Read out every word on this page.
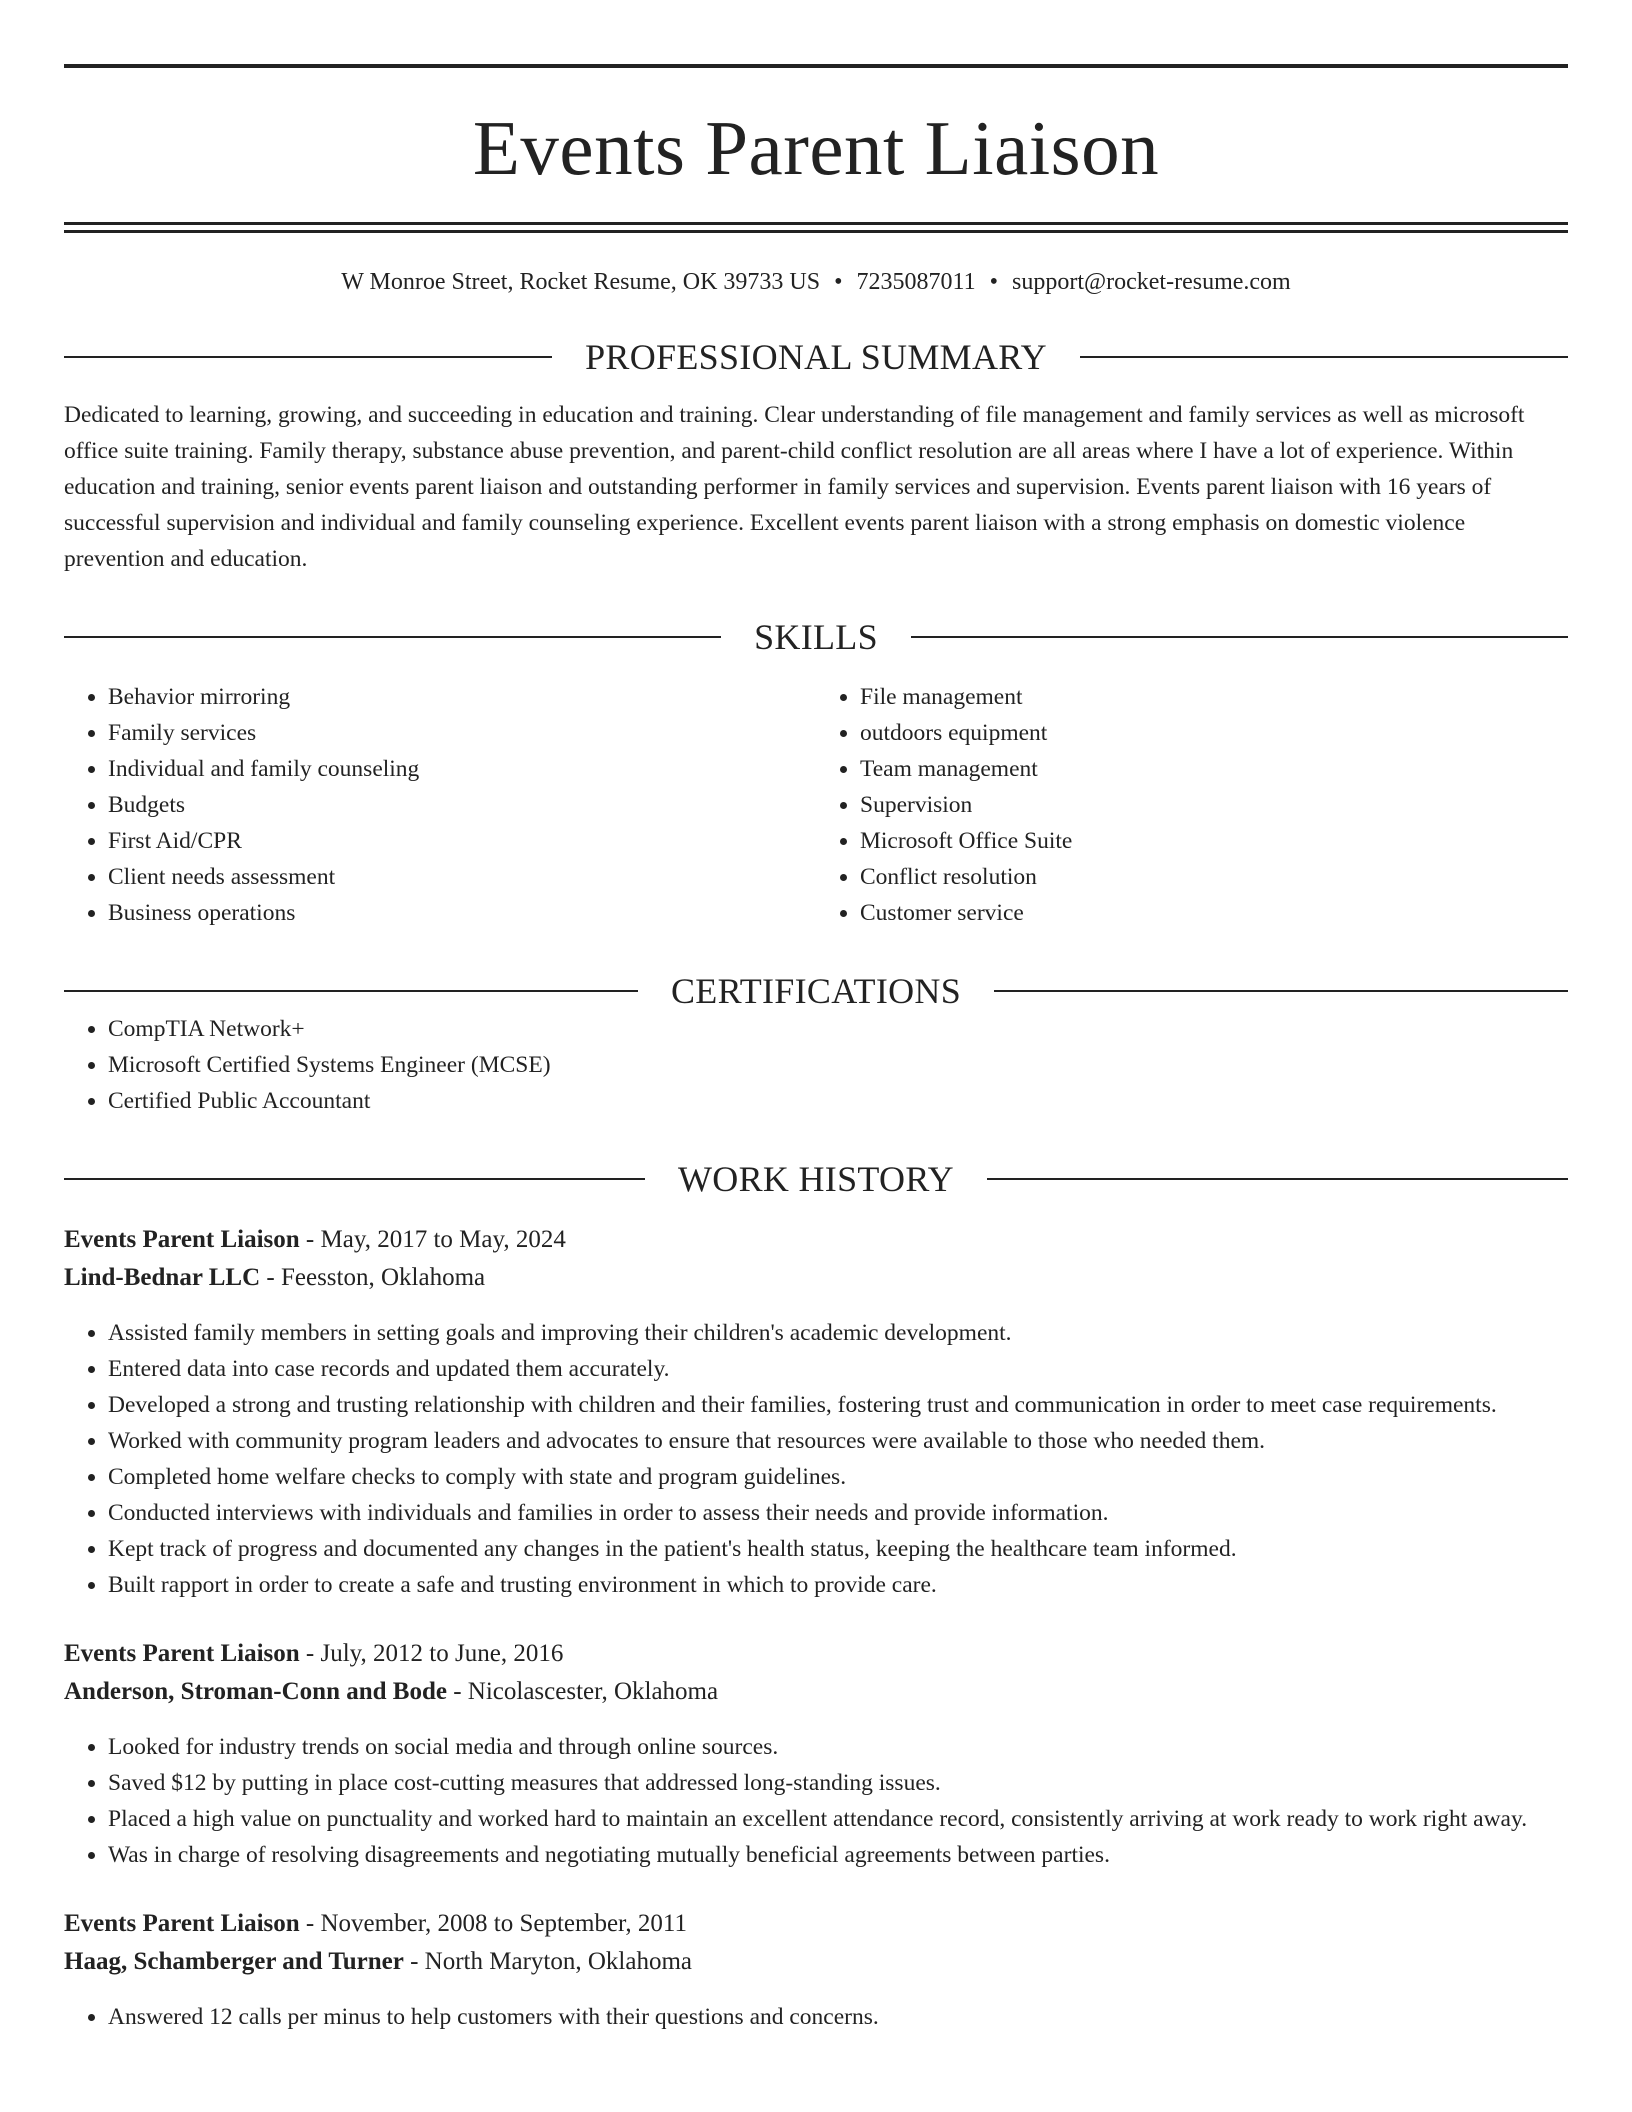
Events Parent Liaison
W Monroe Street, Rocket Resume, OK 39733 US • 7235087011 • support@rocket-resume.com
PROFESSIONAL SUMMARY

Dedicated to learning, growing, and succeeding in education and training. Clear understanding of file management and family services as well as microsoft office suite training. Family therapy, substance abuse prevention, and parent-child conflict resolution are all areas where I have a lot of experience. Within education and training, senior events parent liaison and outstanding performer in family services and supervision. Events parent liaison with 16 years of successful supervision and individual and family counseling experience. Excellent events parent liaison with a strong emphasis on domestic violence prevention and education.

SKILLS
• Behavior mirroring
• Family services
• Individual and family counseling
• Budgets
• First Aid/CPR
• Client needs assessment
• Business operations
• File management
• outdoors equipment
• Team management
• Supervision
• Microsoft Office Suite
• Conflict resolution
• Customer service
CERTIFICATIONS
• CompTIA Network+
• Microsoft Certified Systems Engineer (MCSE)
• Certified Public Accountant
WORK HISTORY
Events Parent Liaison - May, 2017 to May, 2024
Lind-Bednar LLC - Feesston, Oklahoma
• Assisted family members in setting goals and improving their children's academic development.
• Entered data into case records and updated them accurately.
• Developed a strong and trusting relationship with children and their families, fostering trust and communication in order to meet case requirements.
• Worked with community program leaders and advocates to ensure that resources were available to those who needed them.
• Completed home welfare checks to comply with state and program guidelines.
• Conducted interviews with individuals and families in order to assess their needs and provide information.
• Kept track of progress and documented any changes in the patient's health status, keeping the healthcare team informed.
• Built rapport in order to create a safe and trusting environment in which to provide care.
Events Parent Liaison - July, 2012 to June, 2016
Anderson, Stroman-Conn and Bode - Nicolascester, Oklahoma
• Looked for industry trends on social media and through online sources.
• Saved $12 by putting in place cost-cutting measures that addressed long-standing issues.
• Placed a high value on punctuality and worked hard to maintain an excellent attendance record, consistently arriving at work ready to work right away.
• Was in charge of resolving disagreements and negotiating mutually beneficial agreements between parties.
Events Parent Liaison - November, 2008 to September, 2011
Haag, Schamberger and Turner - North Maryton, Oklahoma
• Answered 12 calls per minus to help customers with their questions and concerns.
